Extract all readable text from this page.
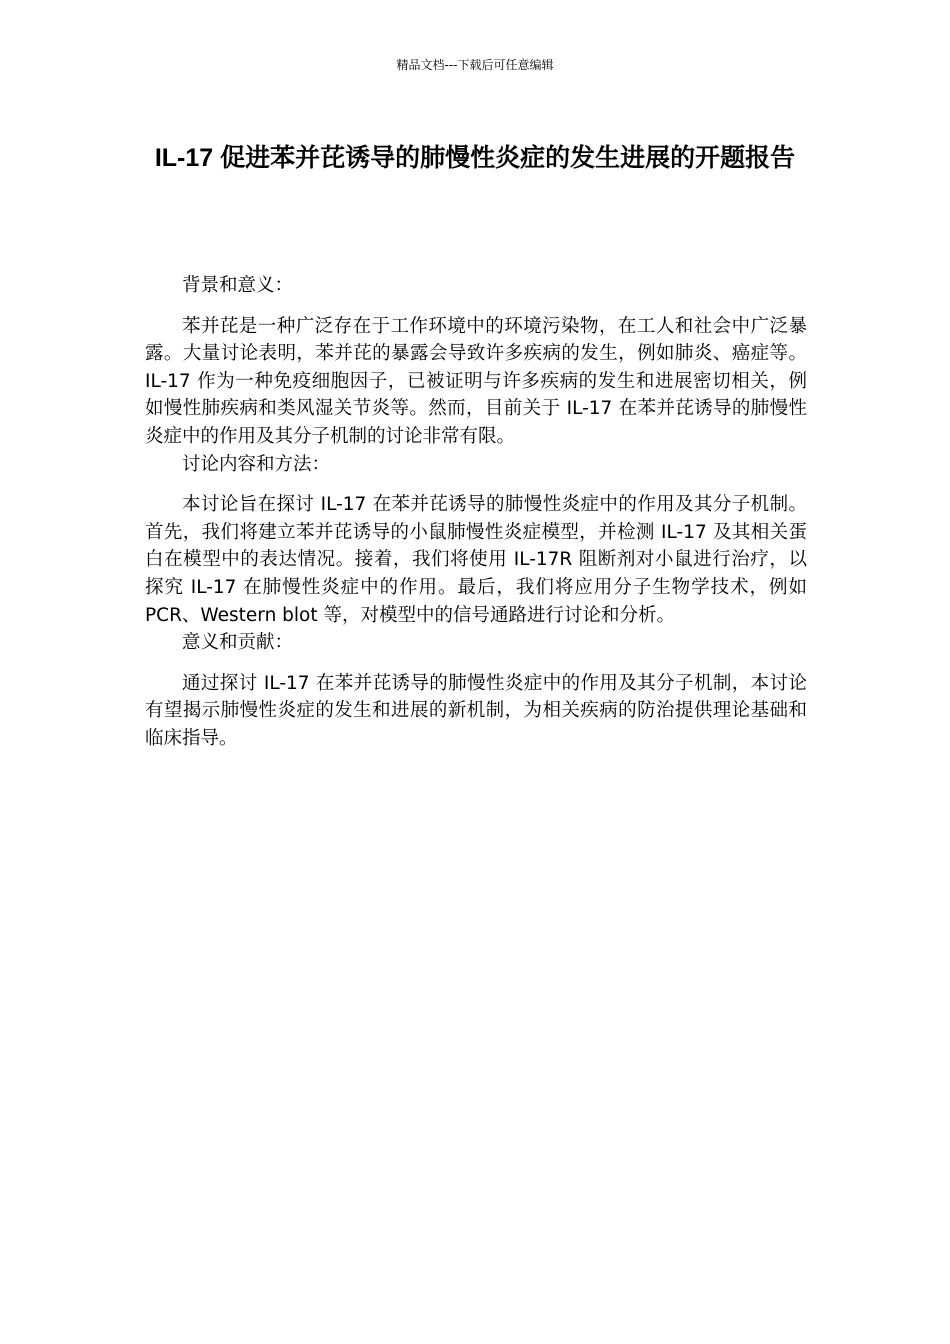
精品文档---下载后可任意编辑
IL-17 促进苯并芘诱导的肺慢性炎症的发生进展的开题报告

背景和意义：

苯并芘是一种广泛存在于工作环境中的环境污染物，在工人和社会中广泛暴露。大量讨论表明，苯并芘的暴露会导致许多疾病的发生，例如肺炎、癌症等。IL-17 作为一种免疫细胞因子，已被证明与许多疾病的发生和进展密切相关，例如慢性肺疾病和类风湿关节炎等。然而，目前关于 IL-17 在苯并芘诱导的肺慢性炎症中的作用及其分子机制的讨论非常有限。

讨论内容和方法：

本讨论旨在探讨 IL-17 在苯并芘诱导的肺慢性炎症中的作用及其分子机制。首先，我们将建立苯并芘诱导的小鼠肺慢性炎症模型，并检测 IL-17 及其相关蛋白在模型中的表达情况。接着，我们将使用 IL-17R 阻断剂对小鼠进行治疗，以探究 IL-17 在肺慢性炎症中的作用。最后，我们将应用分子生物学技术，例如 PCR、Western blot 等，对模型中的信号通路进行讨论和分析。

意义和贡献：

通过探讨 IL-17 在苯并芘诱导的肺慢性炎症中的作用及其分子机制，本讨论有望揭示肺慢性炎症的发生和进展的新机制，为相关疾病的防治提供理论基础和临床指导。
